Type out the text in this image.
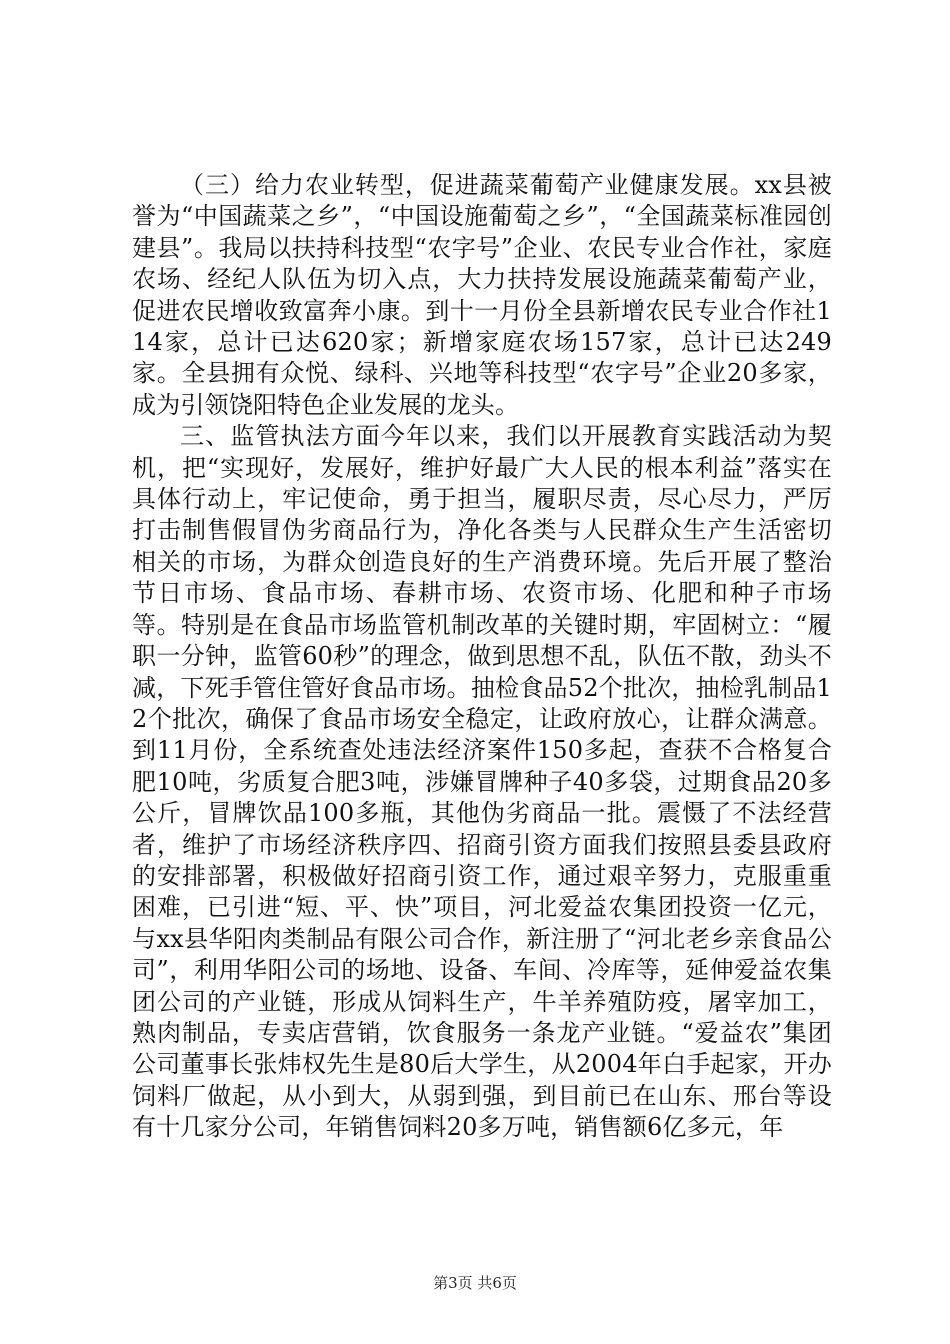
（三）给力农业转型，促进蔬菜葡萄产业健康发展。xx县被誉为“中国蔬菜之乡”，“中国设施葡萄之乡”，“全国蔬菜标准园创建县”。我局以扶持科技型“农字号”企业、农民专业合作社，家庭农场、经纪人队伍为切入点，大力扶持发展设施蔬菜葡萄产业，促进农民增收致富奔小康。到十一月份全县新增农民专业合作社114家，总计已达620家；新增家庭农场157家，总计已达249家。全县拥有众悦、绿科、兴地等科技型“农字号”企业20多家，成为引领饶阳特色企业发展的龙头。

三、监管执法方面今年以来，我们以开展教育实践活动为契机，把“实现好，发展好，维护好最广大人民的根本利益”落实在具体行动上，牢记使命，勇于担当，履职尽责，尽心尽力，严厉打击制售假冒伪劣商品行为，净化各类与人民群众生产生活密切相关的市场，为群众创造良好的生产消费环境。先后开展了整治节日市场、食品市场、春耕市场、农资市场、化肥和种子市场等。特别是在食品市场监管机制改革的关键时期，牢固树立：“履职一分钟，监管60秒”的理念，做到思想不乱，队伍不散，劲头不减，下死手管住管好食品市场。抽检食品52个批次，抽检乳制品12个批次，确保了食品市场安全稳定，让政府放心，让群众满意。到11月份，全系统查处违法经济案件150多起，查获不合格复合肥10吨，劣质复合肥3吨，涉嫌冒牌种子40多袋，过期食品20多公斤，冒牌饮品100多瓶，其他伪劣商品一批。震慑了不法经营者，维护了市场经济秩序四、招商引资方面我们按照县委县政府的安排部署，积极做好招商引资工作，通过艰辛努力，克服重重困难，已引进“短、平、快”项目，河北爱益农集团投资一亿元，与xx县华阳肉类制品有限公司合作，新注册了“河北老乡亲食品公司”，利用华阳公司的场地、设备、车间、冷库等，延伸爱益农集团公司的产业链，形成从饲料生产，牛羊养殖防疫，屠宰加工，熟肉制品，专卖店营销，饮食服务一条龙产业链。“爱益农”集团公司董事长张炜权先生是80后大学生，从2004年白手起家，开办饲料厂做起，从小到大，从弱到强，到目前已在山东、邢台等设有十几家分公司，年销售饲料20多万吨，销售额6亿多元，年

第3页 共6页
